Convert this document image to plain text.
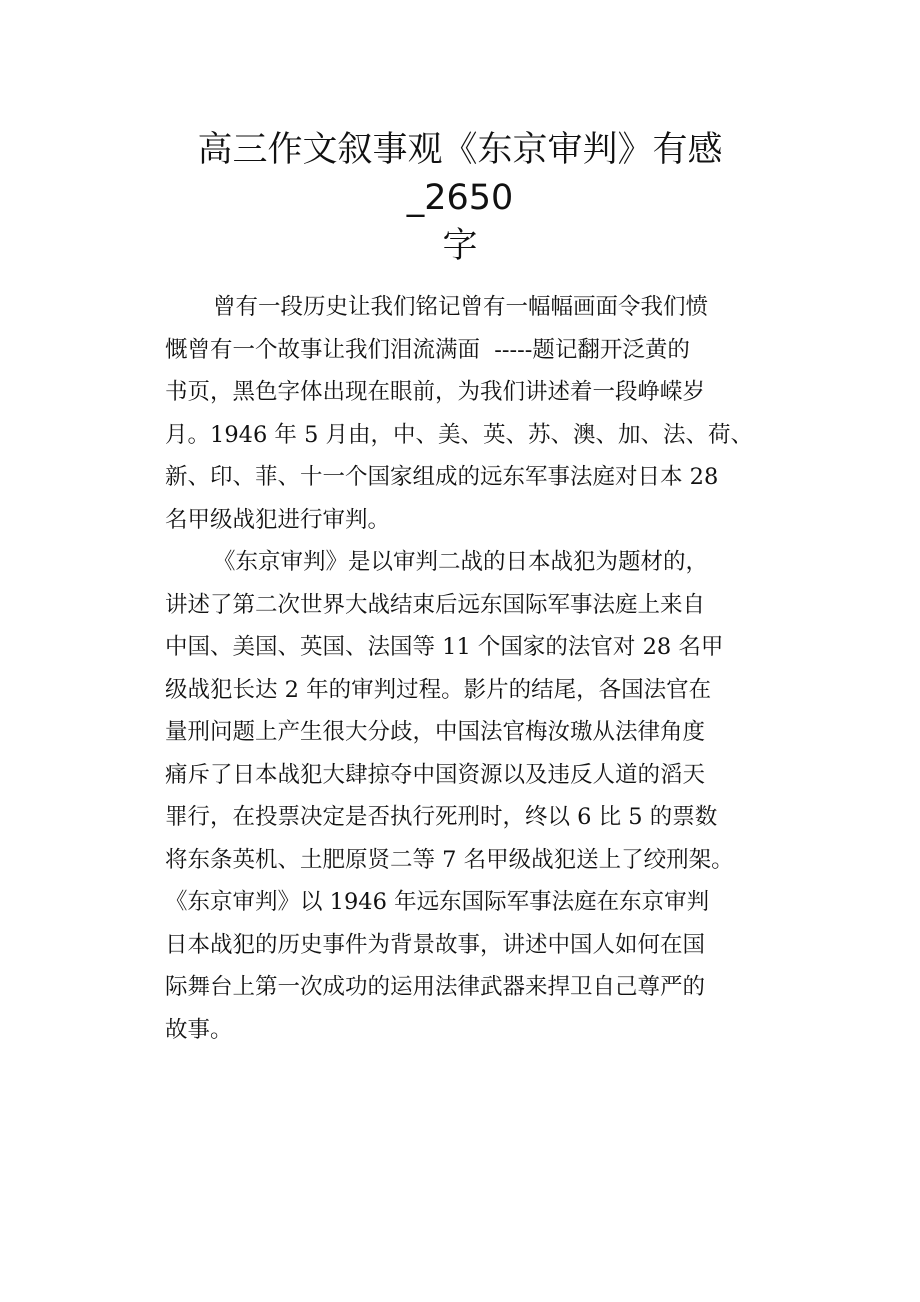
高三作文叙事观《东京审判》有感_2650
字
曾有一段历史让我们铭记曾有一幅幅画面令我们愤
慨曾有一个故事让我们泪流满面  -----题记翻开泛黄的
书页，黑色字体出现在眼前，为我们讲述着一段峥嵘岁
月。1946 年 5 月由，中、美、英、苏、澳、加、法、荷、
新、印、菲、十一个国家组成的远东军事法庭对日本 28
名甲级战犯进行审判。
《东京审判》是以审判二战的日本战犯为题材的，
讲述了第二次世界大战结束后远东国际军事法庭上来自
中国、美国、英国、法国等 11 个国家的法官对 28 名甲
级战犯长达 2 年的审判过程。影片的结尾，各国法官在
量刑问题上产生很大分歧，中国法官梅汝璈从法律角度
痛斥了日本战犯大肆掠夺中国资源以及违反人道的滔天
罪行，在投票决定是否执行死刑时，终以 6 比 5 的票数
将东条英机、土肥原贤二等 7 名甲级战犯送上了绞刑架。
《东京审判》以 1946 年远东国际军事法庭在东京审判
日本战犯的历史事件为背景故事，讲述中国人如何在国
际舞台上第一次成功的运用法律武器来捍卫自己尊严的
故事。
